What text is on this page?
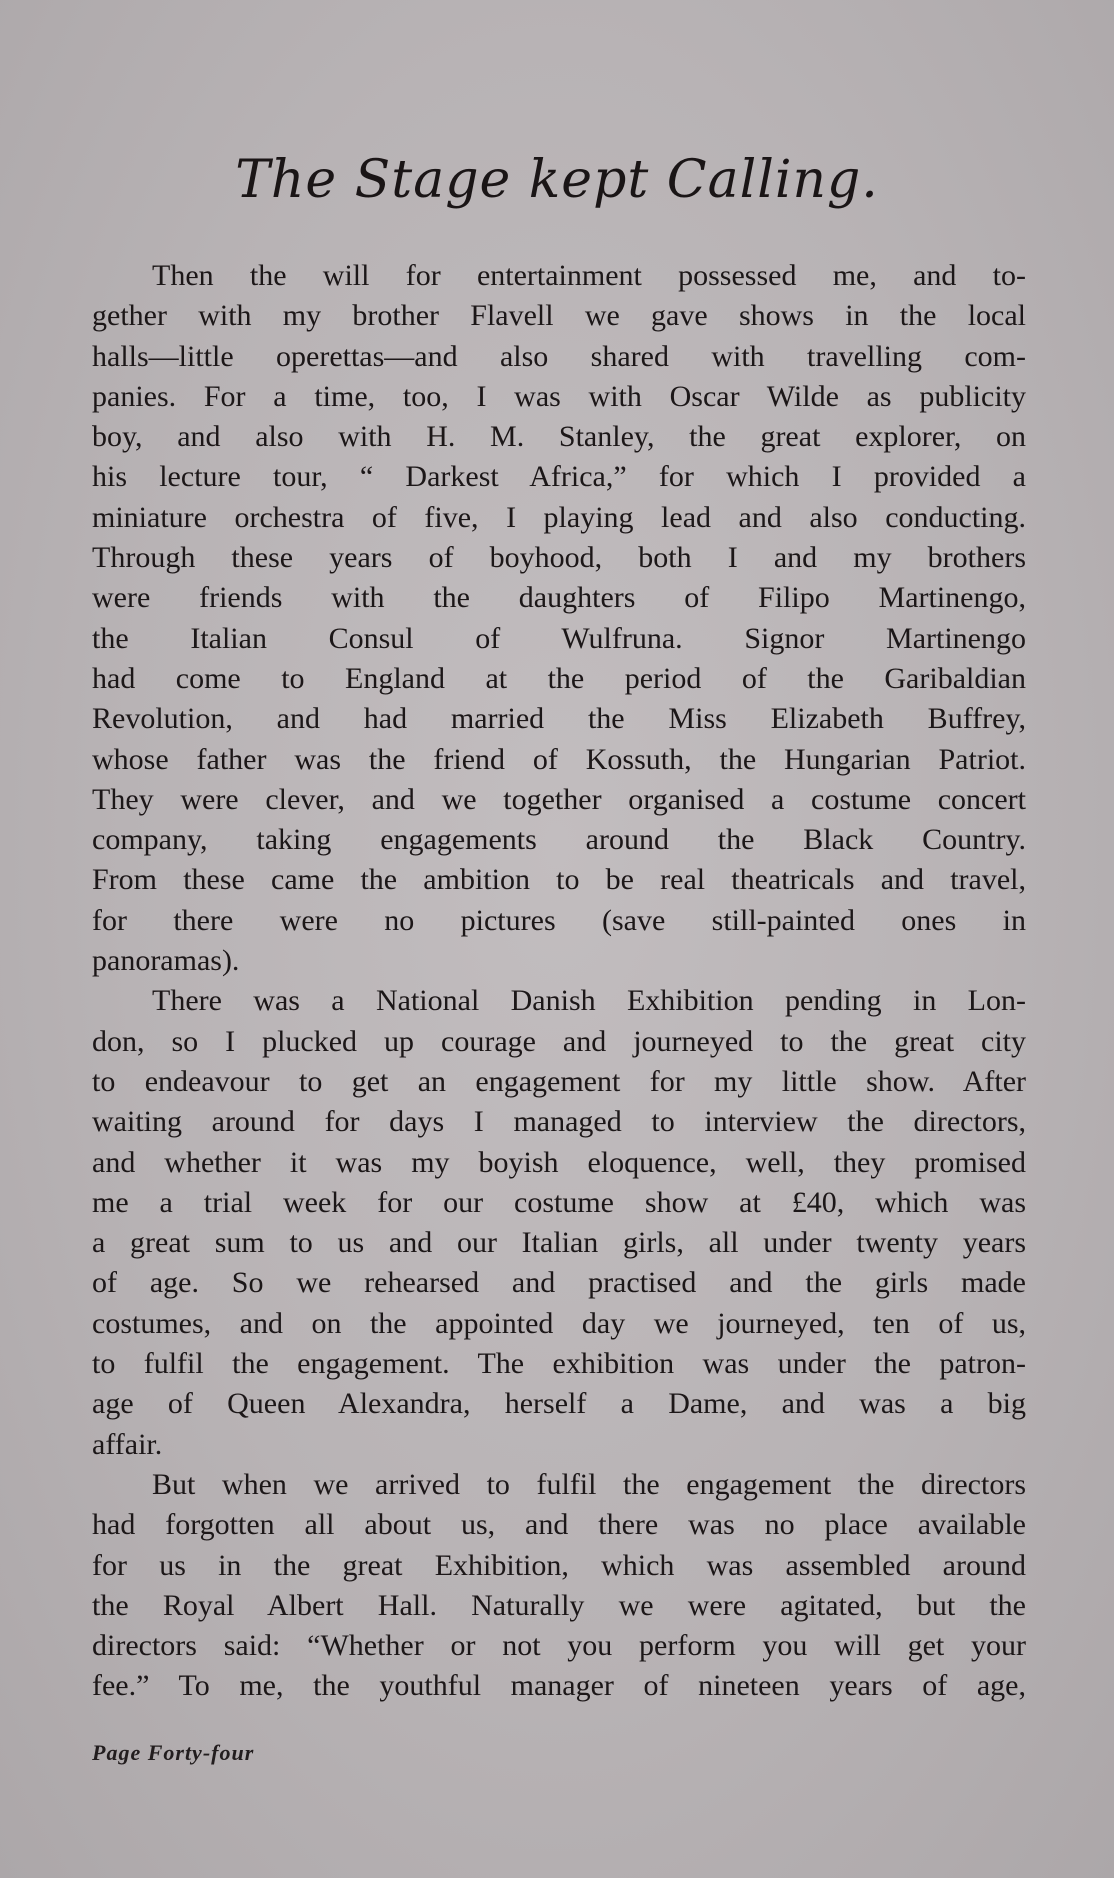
The Stage kept Calling.
Then the will for entertainment possessed me, and to-
gether with my brother Flavell we gave shows in the local
halls—little operettas—and also shared with travelling com-
panies. For a time, too, I was with Oscar Wilde as publicity
boy, and also with H. M. Stanley, the great explorer, on
his lecture tour, “ Darkest Africa,” for which I provided a
miniature orchestra of five, I playing lead and also conducting.
Through these years of boyhood, both I and my brothers
were friends with the daughters of Filipo Martinengo,
the Italian Consul of Wulfruna. Signor Martinengo
had come to England at the period of the Garibaldian
Revolution, and had married the Miss Elizabeth Buffrey,
whose father was the friend of Kossuth, the Hungarian Patriot.
They were clever, and we together organised a costume concert
company, taking engagements around the Black Country.
From these came the ambition to be real theatricals and travel,
for there were no pictures (save still-painted ones in
panoramas).
There was a National Danish Exhibition pending in Lon-
don, so I plucked up courage and journeyed to the great city
to endeavour to get an engagement for my little show. After
waiting around for days I managed to interview the directors,
and whether it was my boyish eloquence, well, they promised
me a trial week for our costume show at £40, which was
a great sum to us and our Italian girls, all under twenty years
of age. So we rehearsed and practised and the girls made
costumes, and on the appointed day we journeyed, ten of us,
to fulfil the engagement. The exhibition was under the patron-
age of Queen Alexandra, herself a Dame, and was a big
affair.
But when we arrived to fulfil the engagement the directors
had forgotten all about us, and there was no place available
for us in the great Exhibition, which was assembled around
the Royal Albert Hall. Naturally we were agitated, but the
directors said: “Whether or not you perform you will get your
fee.” To me, the youthful manager of nineteen years of age,
Page Forty-four
